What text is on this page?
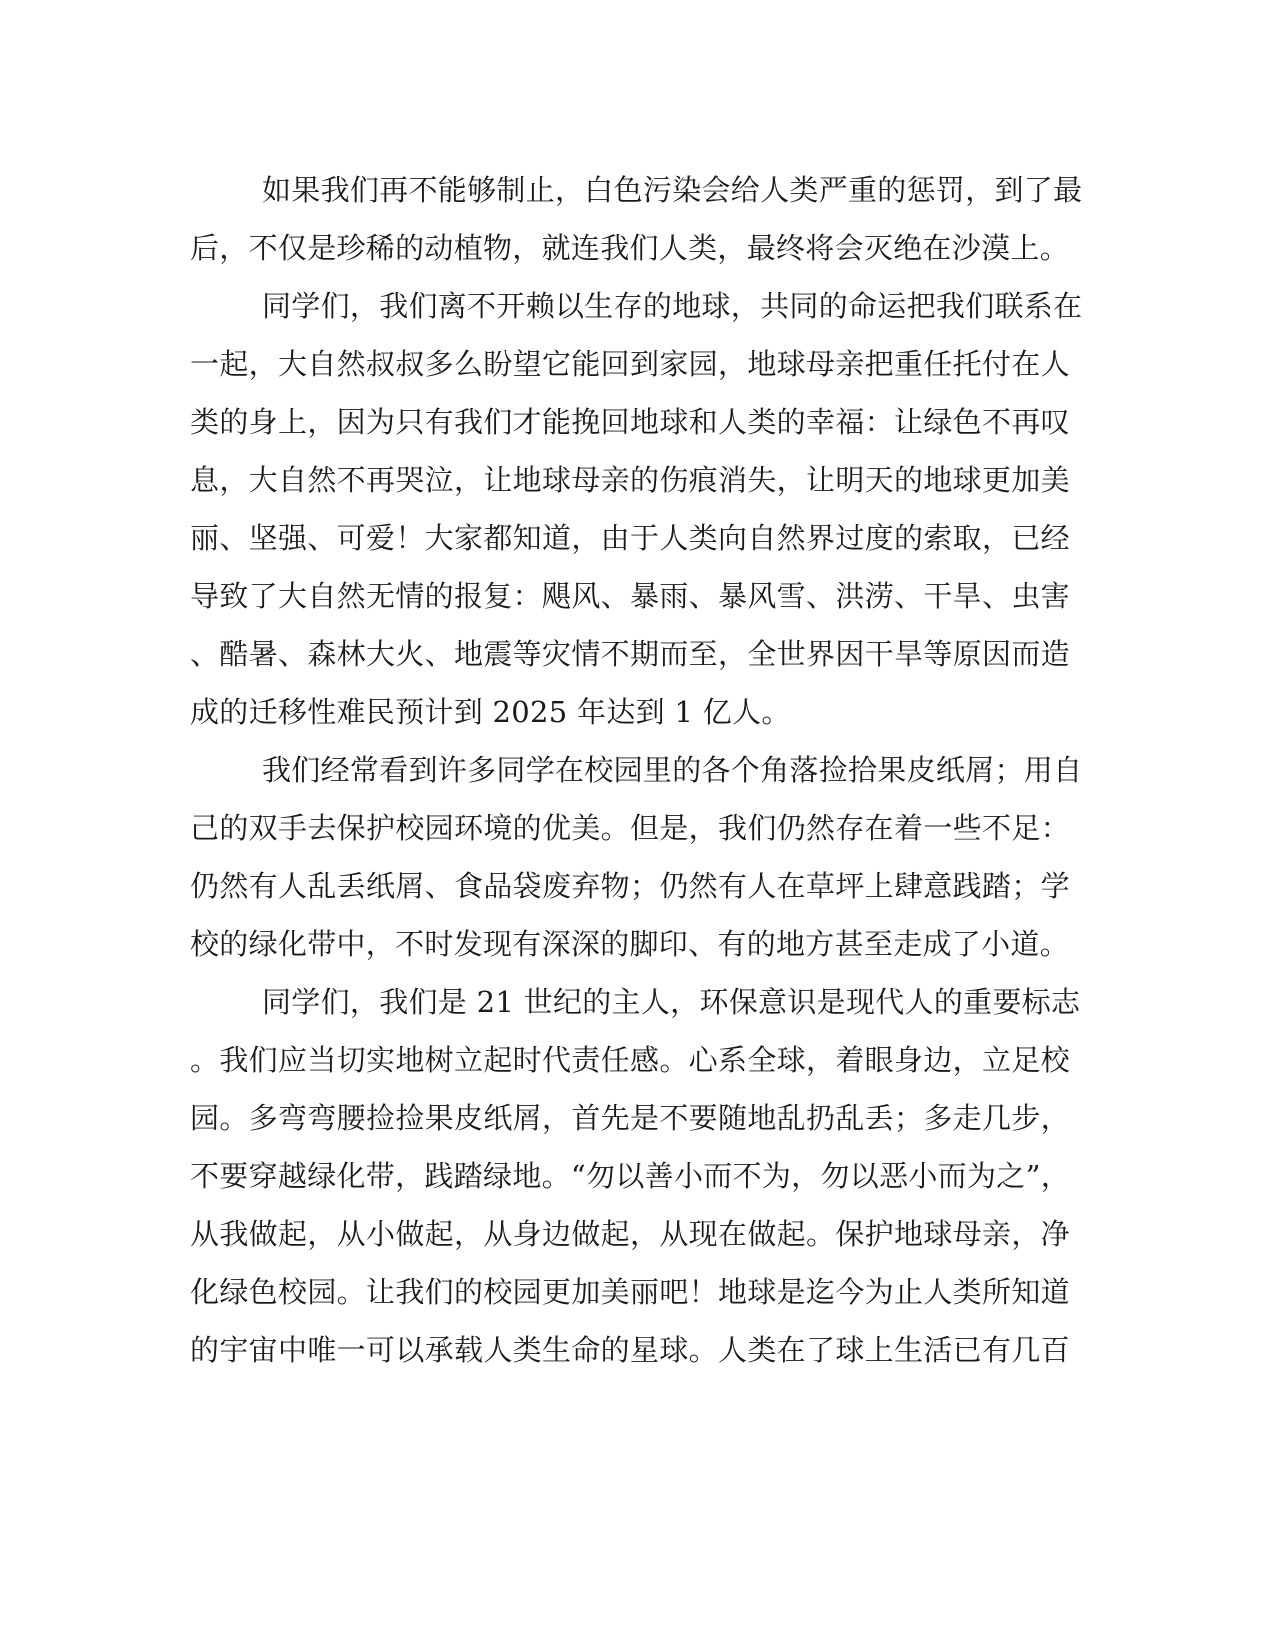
如果我们再不能够制止，白色污染会给人类严重的惩罚，到了最
后，不仅是珍稀的动植物，就连我们人类，最终将会灭绝在沙漠上。
同学们，我们离不开赖以生存的地球，共同的命运把我们联系在
一起，大自然叔叔多么盼望它能回到家园，地球母亲把重任托付在人
类的身上，因为只有我们才能挽回地球和人类的幸福：让绿色不再叹
息，大自然不再哭泣，让地球母亲的伤痕消失，让明天的地球更加美
丽、坚强、可爱！大家都知道，由于人类向自然界过度的索取，已经
导致了大自然无情的报复：飓风、暴雨、暴风雪、洪涝、干旱、虫害
、酷暑、森林大火、地震等灾情不期而至，全世界因干旱等原因而造
成的迁移性难民预计到 2025 年达到 1 亿人。
我们经常看到许多同学在校园里的各个角落捡拾果皮纸屑；用自
己的双手去保护校园环境的优美。但是，我们仍然存在着一些不足：
仍然有人乱丢纸屑、食品袋废弃物；仍然有人在草坪上肆意践踏；学
校的绿化带中，不时发现有深深的脚印、有的地方甚至走成了小道。
同学们，我们是 21 世纪的主人，环保意识是现代人的重要标志
。我们应当切实地树立起时代责任感。心系全球，着眼身边，立足校
园。多弯弯腰捡捡果皮纸屑，首先是不要随地乱扔乱丢；多走几步，
不要穿越绿化带，践踏绿地。“勿以善小而不为，勿以恶小而为之”，
从我做起，从小做起，从身边做起，从现在做起。保护地球母亲，净
化绿色校园。让我们的校园更加美丽吧！地球是迄今为止人类所知道
的宇宙中唯一可以承载人类生命的星球。人类在了球上生活已有几百
